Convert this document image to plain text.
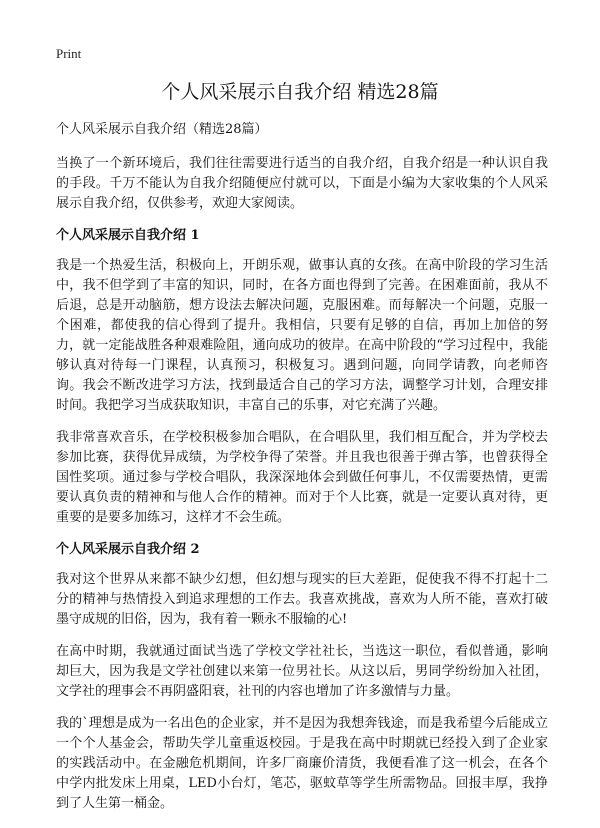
Print
个人风采展示自我介绍 精选28篇

个人风采展示自我介绍（精选28篇）

当换了一个新环境后，我们往往需要进行适当的自我介绍，自我介绍是一种认识自我的手段。千万不能认为自我介绍随便应付就可以，下面是小编为大家收集的个人风采展示自我介绍，仅供参考，欢迎大家阅读。

个人风采展示自我介绍 1

我是一个热爱生活，积极向上，开朗乐观，做事认真的女孩。在高中阶段的学习生活中，我不但学到了丰富的知识，同时，在各方面也得到了完善。在困难面前，我从不后退，总是开动脑筋，想方设法去解决问题，克服困难。而每解决一个问题，克服一个困难，都使我的信心得到了提升。我相信，只要有足够的自信，再加上加倍的努力，就一定能战胜各种艰难险阻，通向成功的彼岸。在高中阶段的“学习过程中，我能够认真对待每一门课程，认真预习，积极复习。遇到问题，向同学请教，向老师咨询。我会不断改进学习方法，找到最适合自己的学习方法，调整学习计划，合理安排时间。我把学习当成获取知识，丰富自己的乐事，对它充满了兴趣。

我非常喜欢音乐，在学校积极参加合唱队，在合唱队里，我们相互配合，并为学校去参加比赛，获得优异成绩，为学校争得了荣誉。并且我也很善于弹古筝，也曾获得全国性奖项。通过参与学校合唱队，我深深地体会到做任何事儿，不仅需要热情，更需要认真负责的精神和与他人合作的精神。而对于个人比赛，就是一定要认真对待，更重要的是要多加练习，这样才不会生疏。

个人风采展示自我介绍 2

我对这个世界从来都不缺少幻想，但幻想与现实的巨大差距，促使我不得不打起十二分的精神与热情投入到追求理想的工作去。我喜欢挑战，喜欢为人所不能，喜欢打破墨守成规的旧俗，因为，我有着一颗永不服输的心!

在高中时期，我就通过面试当选了学校文学社社长，当选这一职位，看似普通，影响却巨大，因为我是文学社创建以来第一位男社长。从这以后，男同学纷纷加入社团，文学社的理事会不再阴盛阳衰，社刊的内容也增加了许多激情与力量。

我的`理想是成为一名出色的企业家，并不是因为我想奔钱途，而是我希望今后能成立一个个人基金会，帮助失学儿童重返校园。于是我在高中时期就已经投入到了企业家的实践活动中。在金融危机期间，许多厂商廉价清货，我便看准了这一机会，在各个中学内批发床上用桌，LED小台灯，笔芯，驱蚊草等学生所需物品。回报丰厚，我挣到了人生第一桶金。
